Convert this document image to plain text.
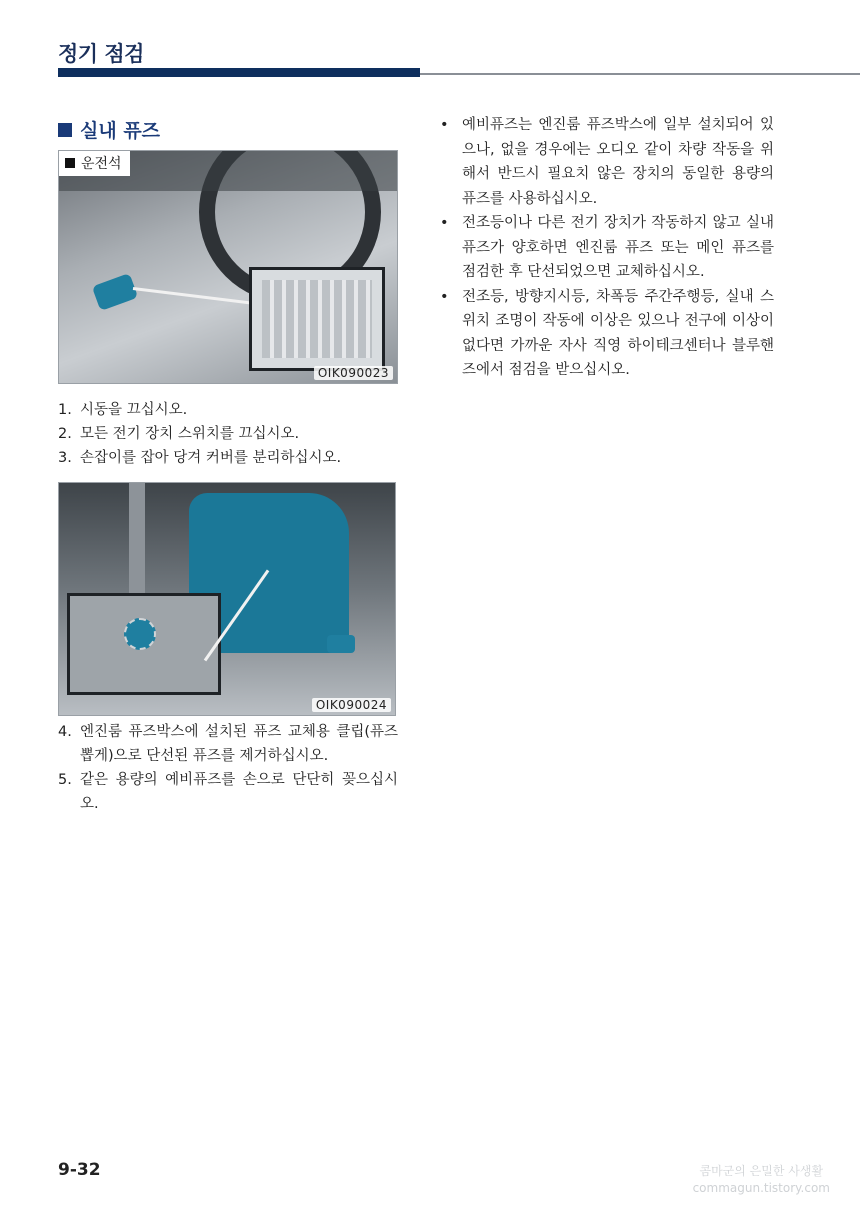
정기 점검
실내 퓨즈
운전석
OIK090023
1. 시동을 끄십시오.
2. 모든 전기 장치 스위치를 끄십시오.
3. 손잡이를 잡아 당겨 커버를 분리하십시오.
OIK090024
4. 엔진룸 퓨즈박스에 설치된 퓨즈 교체용 클립(퓨즈 뽑게)으로 단선된 퓨즈를 제거하십시오.
5. 같은 용량의 예비퓨즈를 손으로 단단히 꽂으십시오.
• 예비퓨즈는 엔진룸 퓨즈박스에 일부 설치되어 있으나, 없을 경우에는 오디오 같이 차량 작동을 위해서 반드시 필요치 않은 장치의 동일한 용량의 퓨즈를 사용하십시오.
• 전조등이나 다른 전기 장치가 작동하지 않고 실내 퓨즈가 양호하면 엔진룸 퓨즈 또는 메인 퓨즈를 점검한 후 단선되었으면 교체하십시오.
• 전조등, 방향지시등, 차폭등 주간주행등, 실내 스위치 조명이 작동에 이상은 있으나 전구에 이상이 없다면 가까운 자사 직영 하이테크센터나 블루핸즈에서 점검을 받으십시오.
9-32	콤마군의 은밀한 사생활
commagun.tistory.com
